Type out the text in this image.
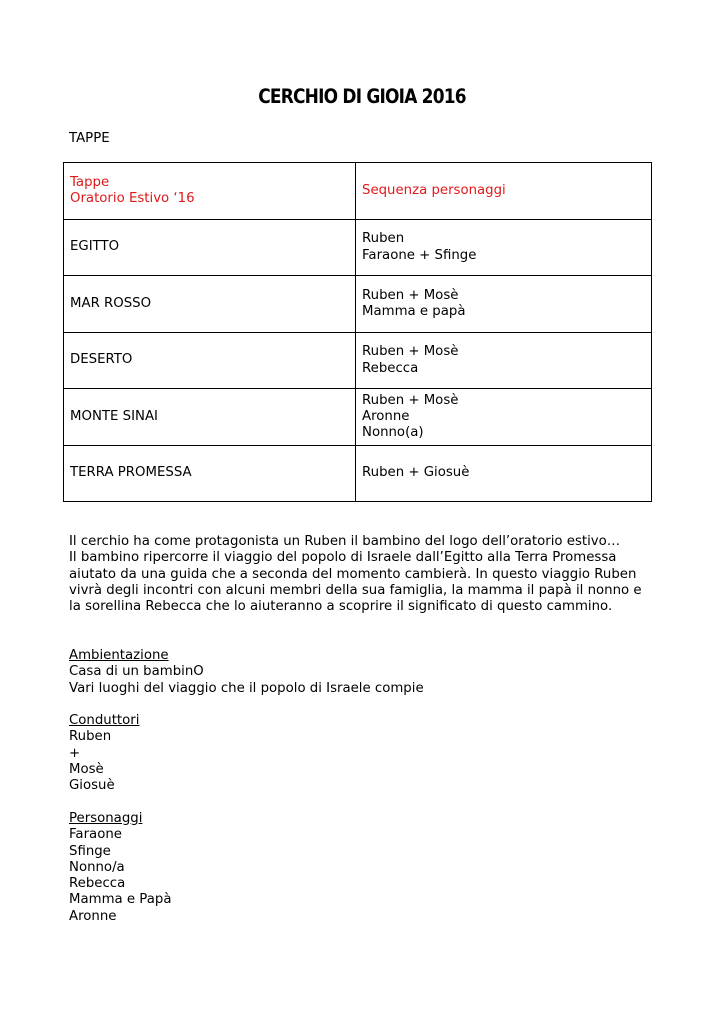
CERCHIO DI GIOIA 2016
TAPPE
Tappe
Oratorio Estivo ‘16	Sequenza personaggi

EGITTO	Ruben
Faraone + Sfinge

MAR ROSSO	Ruben + Mosè
Mamma e papà

DESERTO	Ruben + Mosè
Rebecca

MONTE SINAI	Ruben + Mosè
Aronne
Nonno(a)

TERRA PROMESSA	Ruben + Giosuè
Il cerchio ha come protagonista un Ruben il bambino del logo dell’oratorio estivo…
Il bambino ripercorre il viaggio del popolo di Israele dall’Egitto alla Terra Promessa
aiutato da una guida che a seconda del momento cambierà. In questo viaggio Ruben
vivrà degli incontri con alcuni membri della sua famiglia, la mamma il papà il nonno e
la sorellina Rebecca che lo aiuteranno a scoprire il significato di questo cammino.
Ambientazione
Casa di un bambinO
Vari luoghi del viaggio che il popolo di Israele compie
Conduttori
Ruben
+
Mosè
Giosuè
Personaggi
Faraone
Sfinge
Nonno/a
Rebecca
Mamma e Papà
Aronne
